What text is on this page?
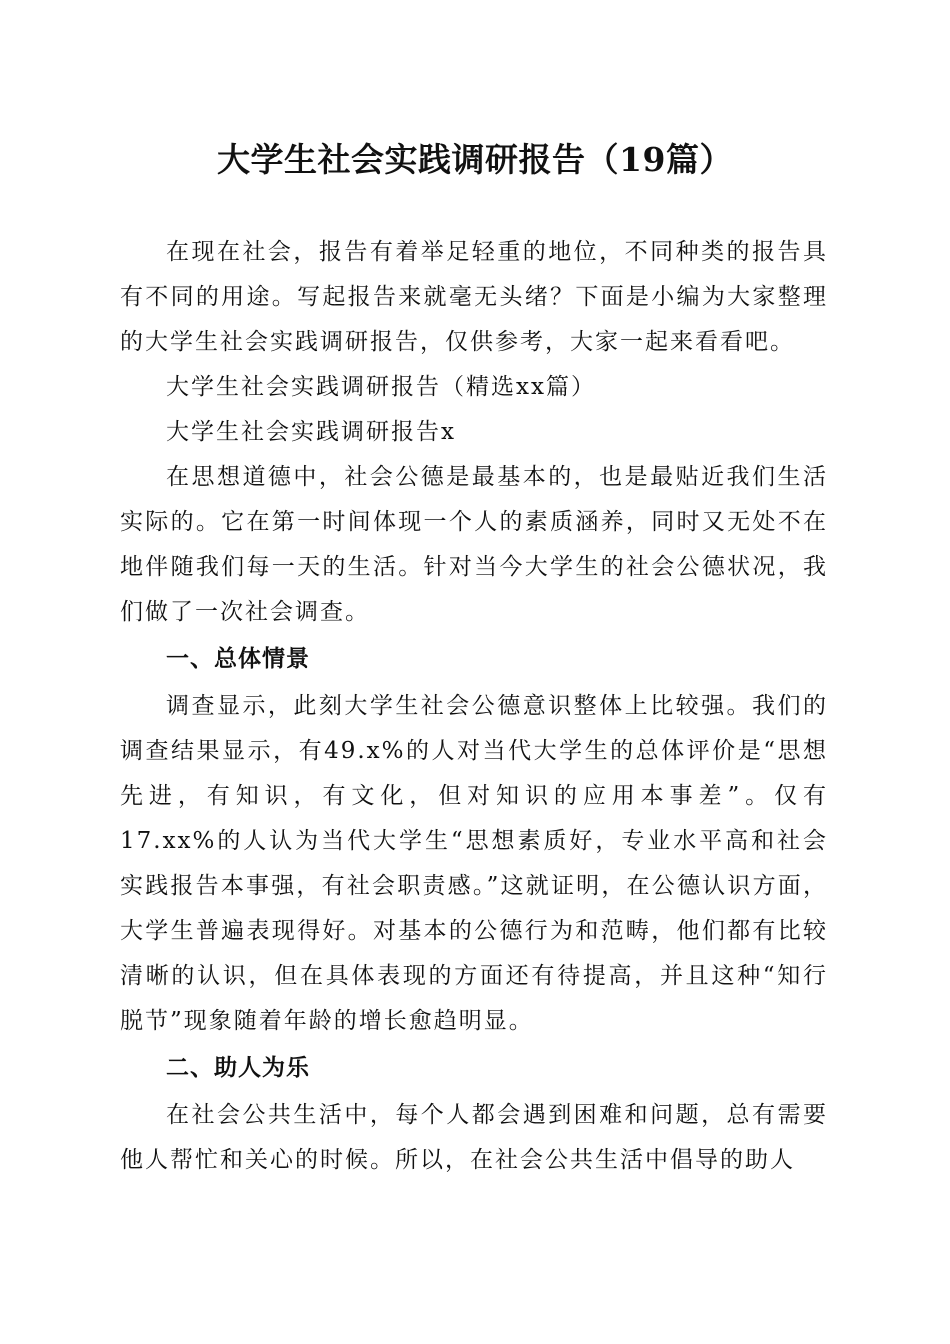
大学生社会实践调研报告（19篇）

在现在社会，报告有着举足轻重的地位，不同种类的报告具有不同的用途。写起报告来就毫无头绪？下面是小编为大家整理的大学生社会实践调研报告，仅供参考，大家一起来看看吧。

大学生社会实践调研报告（精选xx篇）

大学生社会实践调研报告x

在思想道德中，社会公德是最基本的，也是最贴近我们生活实际的。它在第一时间体现一个人的素质涵养，同时又无处不在地伴随我们每一天的生活。针对当今大学生的社会公德状况，我们做了一次社会调查。

一、总体情景

调查显示，此刻大学生社会公德意识整体上比较强。我们的调查结果显示，有49.x%的人对当代大学生的总体评价是“思想先进，有知识，有文化，但对知识的应用本事差”。仅有17.xx%的人认为当代大学生“思想素质好，专业水平高和社会实践报告本事强，有社会职责感。”这就证明，在公德认识方面，大学生普遍表现得好。对基本的公德行为和范畴，他们都有比较清晰的认识，但在具体表现的方面还有待提高，并且这种“知行脱节”现象随着年龄的增长愈趋明显。

二、助人为乐

在社会公共生活中，每个人都会遇到困难和问题，总有需要他人帮忙和关心的时候。所以，在社会公共生活中倡导的助人
